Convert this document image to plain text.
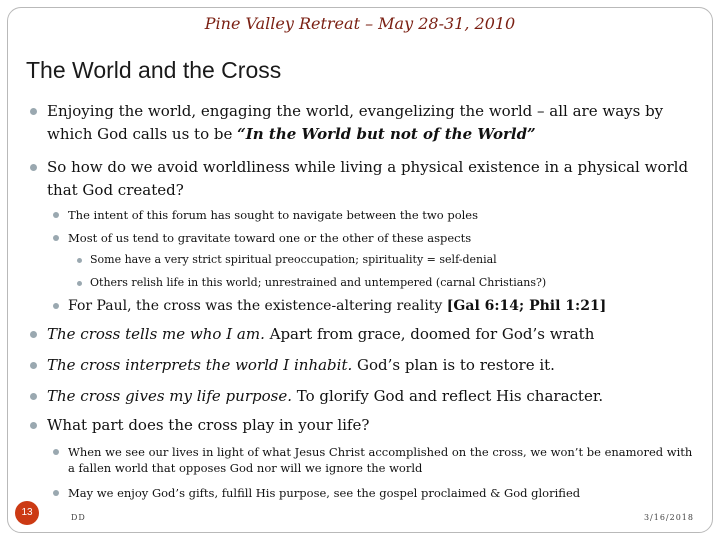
Pine Valley Retreat – May 28-31, 2010
The World and the Cross
Enjoying the world, engaging the world, evangelizing the world – all are ways by which God calls us to be “In the World but not of the World”
So how do we avoid worldliness while living a physical existence in a physical world that God created?
The intent of this forum has sought to navigate between the two poles
Most of us tend to gravitate toward one or the other of these aspects
Some have a very strict spiritual preoccupation; spirituality = self-denial
Others relish life in this world; unrestrained and untempered (carnal Christians?)
For Paul, the cross was the existence-altering reality [Gal 6:14; Phil 1:21]
The cross tells me who I am. Apart from grace, doomed for God’s wrath
The cross interprets the world I inhabit. God’s plan is to restore it.
The cross gives my life purpose. To glorify God and reflect His character.
What part does the cross play in your life?
When we see our lives in light of what Jesus Christ accomplished on the cross, we won’t be enamored with a fallen world that opposes God nor will we ignore the world
May we enjoy God’s gifts, fulfill His purpose, see the gospel proclaimed & God glorified
13	DD	3/16/2018
